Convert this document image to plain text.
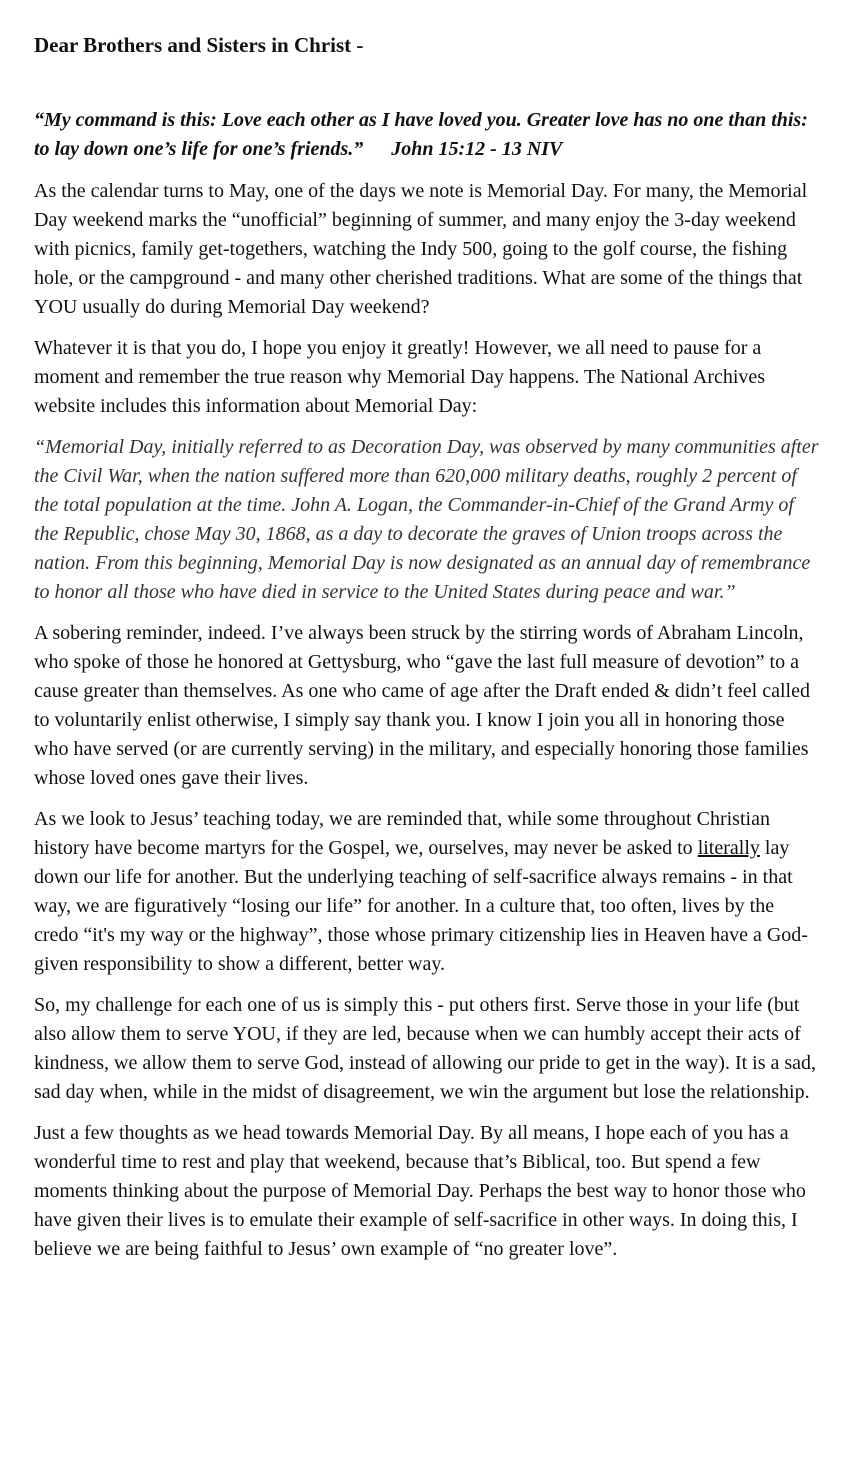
Dear Brothers and Sisters in Christ -
“My command is this: Love each other as I have loved you. Greater love has no one than this: to lay down one’s life for one’s friends.” John 15:12 - 13 NIV

As the calendar turns to May, one of the days we note is Memorial Day. For many, the Memorial Day weekend marks the “unofficial” beginning of summer, and many enjoy the 3-day weekend with picnics, family get-togethers, watching the Indy 500, going to the golf course, the fishing hole, or the campground - and many other cherished traditions. What are some of the things that YOU usually do during Memorial Day weekend?

Whatever it is that you do, I hope you enjoy it greatly! However, we all need to pause for a moment and remember the true reason why Memorial Day happens. The National Archives website includes this information about Memorial Day:

“Memorial Day, initially referred to as Decoration Day, was observed by many communities after the Civil War, when the nation suffered more than 620,000 military deaths, roughly 2 percent of the total population at the time. John A. Logan, the Commander-in-Chief of the Grand Army of the Republic, chose May 30, 1868, as a day to decorate the graves of Union troops across the nation. From this beginning, Memorial Day is now designated as an annual day of remembrance to honor all those who have died in service to the United States during peace and war.”

A sobering reminder, indeed. I’ve always been struck by the stirring words of Abraham Lincoln, who spoke of those he honored at Gettysburg, who “gave the last full measure of devotion” to a cause greater than themselves. As one who came of age after the Draft ended & didn’t feel called to voluntarily enlist otherwise, I simply say thank you. I know I join you all in honoring those who have served (or are currently serving) in the military, and especially honoring those families whose loved ones gave their lives.

As we look to Jesus’ teaching today, we are reminded that, while some throughout Christian history have become martyrs for the Gospel, we, ourselves, may never be asked to literally lay down our life for another. But the underlying teaching of self-sacrifice always remains - in that way, we are figuratively “losing our life” for another. In a culture that, too often, lives by the credo “it's my way or the highway”, those whose primary citizenship lies in Heaven have a God-given responsibility to show a different, better way.

So, my challenge for each one of us is simply this - put others first. Serve those in your life (but also allow them to serve YOU, if they are led, because when we can humbly accept their acts of kindness, we allow them to serve God, instead of allowing our pride to get in the way). It is a sad, sad day when, while in the midst of disagreement, we win the argument but lose the relationship.

Just a few thoughts as we head towards Memorial Day. By all means, I hope each of you has a wonderful time to rest and play that weekend, because that’s Biblical, too. But spend a few moments thinking about the purpose of Memorial Day. Perhaps the best way to honor those who have given their lives is to emulate their example of self-sacrifice in other ways. In doing this, I believe we are being faithful to Jesus’ own example of “no greater love”.
